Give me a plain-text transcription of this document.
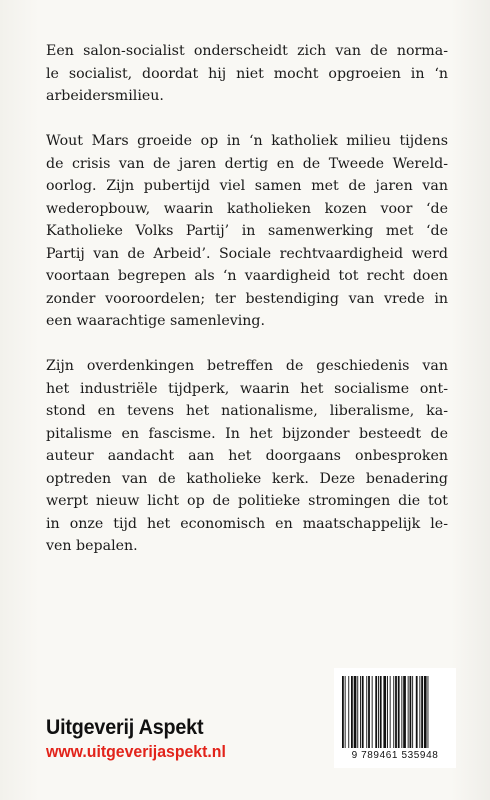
Een salon-socialist onderscheidt zich van de norma-
le socialist, doordat hij niet mocht opgroeien in ‘n
arbeidersmilieu.

Wout Mars groeide op in ‘n katholiek milieu tijdens
de crisis van de jaren dertig en de Tweede Wereld-
oorlog. Zijn pubertijd viel samen met de jaren van
wederopbouw, waarin katholieken kozen voor ‘de
Katholieke Volks Partij’ in samenwerking met ‘de
Partij van de Arbeid’. Sociale rechtvaardigheid werd
voortaan begrepen als ‘n vaardigheid tot recht doen
zonder vooroordelen; ter bestendiging van vrede in
een waarachtige samenleving.

Zijn overdenkingen betreffen de geschiedenis van
het industriële tijdperk, waarin het socialisme ont-
stond en tevens het nationalisme, liberalisme, ka-
pitalisme en fascisme. In het bijzonder besteedt de
auteur aandacht aan het doorgaans onbesproken
optreden van de katholieke kerk. Deze benadering
werpt nieuw licht op de politieke stromingen die tot
in onze tijd het economisch en maatschappelijk le-
ven bepalen.

Uitgeverij Aspekt
www.uitgeverijaspekt.nl	9 789461 535948
